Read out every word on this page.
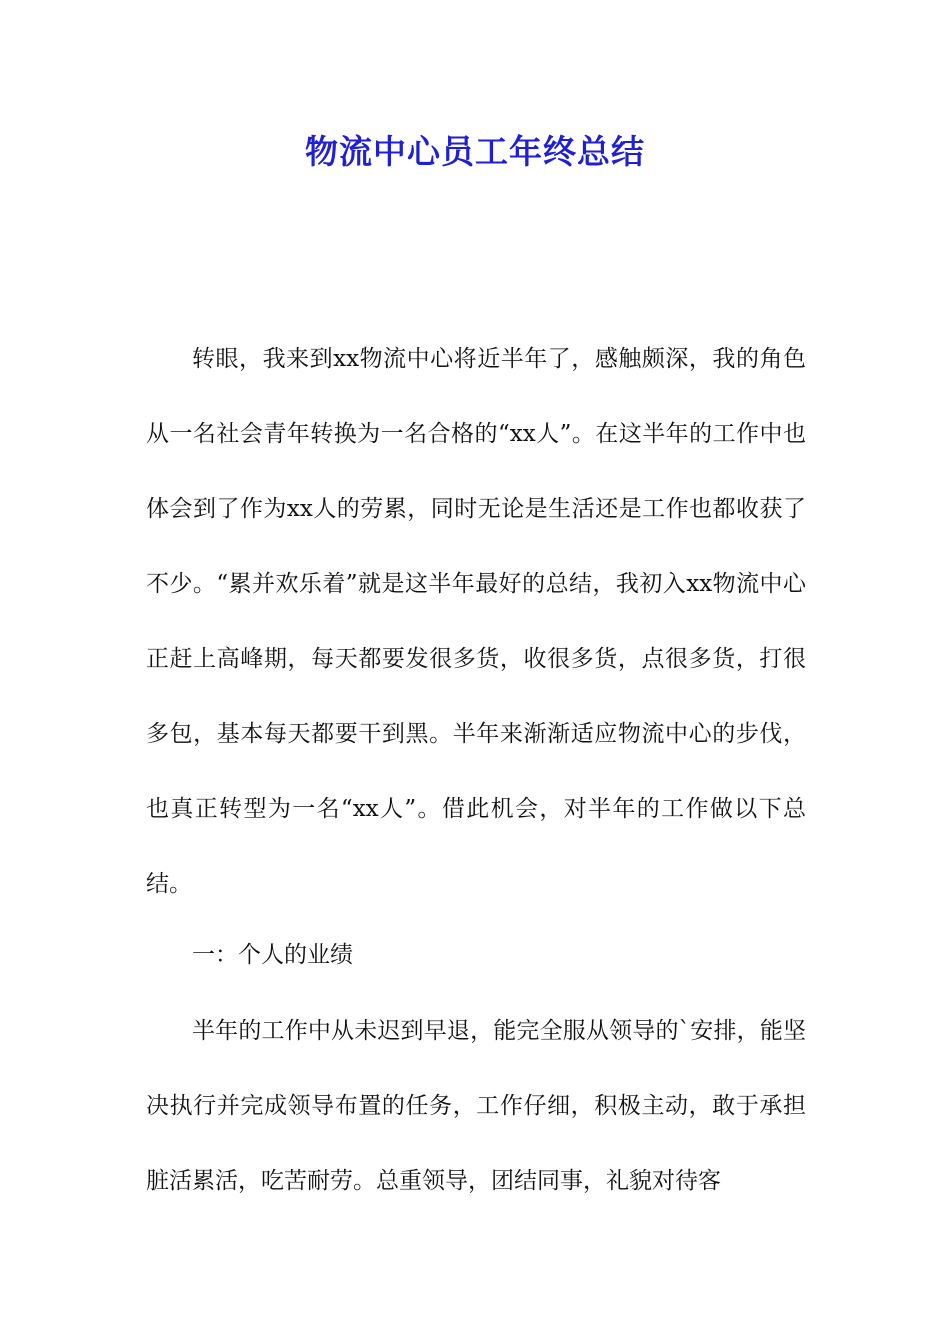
物流中心员工年终总结

转眼，我来到xx物流中心将近半年了，感触颇深，我的角色从一名社会青年转换为一名合格的“xx人”。在这半年的工作中也体会到了作为xx人的劳累，同时无论是生活还是工作也都收获了不少。“累并欢乐着”就是这半年最好的总结，我初入xx物流中心正赶上高峰期，每天都要发很多货，收很多货，点很多货，打很多包，基本每天都要干到黑。半年来渐渐适应物流中心的步伐，也真正转型为一名“xx人”。借此机会，对半年的工作做以下总结。

一：个人的业绩

半年的工作中从未迟到早退，能完全服从领导的`安排，能坚决执行并完成领导布置的任务，工作仔细，积极主动，敢于承担脏活累活，吃苦耐劳。总重领导，团结同事，礼貌对待客
